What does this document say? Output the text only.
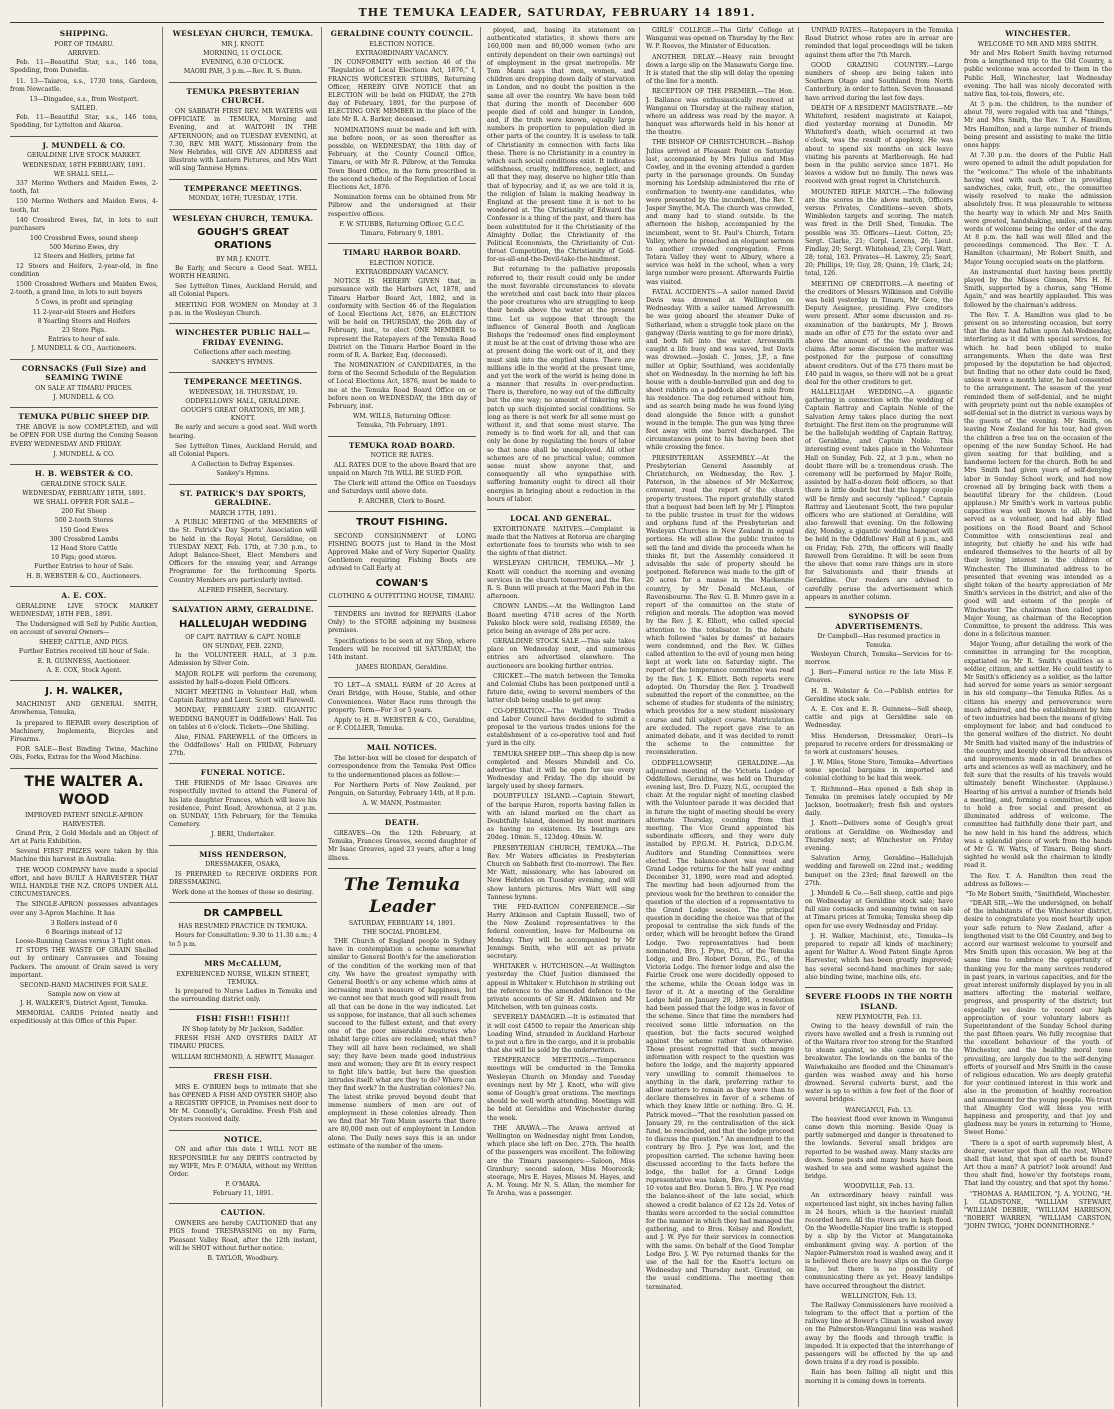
THE TEMUKA LEADER, SATURDAY, FEBRUARY 14 1891.
SHIPPING.
PORT OF TIMARU.
ARRIVED.
Feb. 11—Beautiful Star, s.s., 146 tons, Spedding, from Dunedin.
11. 13—Taiaroa, s.s., 1730 tons, Gardeen, from Newcastle.
13—Dingadee, s.s., from Westport.
SAILED.
Feb. 11—Beautiful Star, s.s., 146 tons, Spedding, for Lyttelton and Akaroa.
J. MUNDELL & CO.
GERALDINE LIVE STOCK MARKET.
WEDNESDAY, 18TH FEBRUARY, 1891.
WE SHALL SELL—
337 Merino Wethers and Maiden Ewes, 2-tooth, fat
150 Merino Wethers and Maiden Ewes, 4-tooth, fat
140 Crossbred Ewes, fat, in lots to suit purchasers
100 Crossbred Ewes, sound sheep
500 Merino Ewes, dry
12 Steers and Heifers, prime fat
12 Steers and Heifers, 2-year-old, in fine condition
1500 Crossbred Wethers and Maiden Ewes, 2-tooth, a grand line, in lots to suit buyers
5 Cows, in profit and springing
11 2-year-old Steers and Heifers
8 Yearling Steers and Heifers
23 Store Pigs.
Entries to hour of sale.
J. MUNDELL & CO., Auctioneers.
CORNSACKS (Full Size) and SEAMING TWINE
ON SALE AT TIMARU PRICES.
J. MUNDELL & CO.
TEMUKA PUBLIC SHEEP DIP.
THE ABOVE is now COMPLETED, and will be OPEN FOR USE during the Coming Season EVERY WEDNESDAY AND FRIDAY.
J. MUNDELL & CO.
H. B. WEBSTER & CO.
GERALDINE STOCK SALE.
WEDNESDAY, FEBRUARY 18TH, 1891.
WE SHALL OFFER FOR SALE—
200 Fat Sheep
500 2-tooth Stores
150 Good Ewes
300 Crossbred Lambs
12 Head Store Cattle
10 Pigs; good stores.
Further Entries to hour of Sale.
H. B. WEBSTER & CO., Auctioneers.
A. E. COX.
GERALDINE LIVE STOCK MARKET WEDNESDAY, 18TH FEB., 1891.
The Undersigned will Sell by Public Auction, on account of several Owners—
SHEEP, CATTLE, AND PIGS.
Further Entries received till hour of Sale.
E. R. GUINNESS, Auctioneer.
A. E. COX, Stock Agent.
J. H. WALKER,
MACHINIST AND GENERAL SMITH, Arowhenua, Temuka,
Is prepared to REPAIR every description of Machinery, Implements, Bicycles and Firearms.
FOR SALE—Best Binding Twine, Machine Oils, Forks, Extras for the Wood Machine.
THE WALTER A. WOOD
IMPROVED PATENT SINGLE-APRON HARVESTER.
Grand Prix, 2 Gold Medals and an Object of Art at Paris Exhibition.
Several FIRST PRIZES were taken by this Machine this harvest in Australia.
THE WOOD COMPANY have made a special effort, and have BUILT A HARVESTER THAT WILL HANDLE THE N.Z. CROPS UNDER ALL CIRCUMSTANCES.
The SINGLE-APRON possesses advantages over any 3-Apron Machine. It has
3 Rollers instead of 6
6 Bearings instead of 12
Loose-Running Canvas versus 3 Tight ones.
IT STOPS THE WASTE OF GRAIN Shelled out by ordinary Canvasses and Tossing Packers. The amount of Grain saved is very important.
SECOND-HAND MACHINES FOR SALE.
Sample now on view at
J. H. WALKER'S, District Agent, Temuka.
MEMORIAL CARDS Printed neatly and expeditiously at this Office of this Paper.
WESLEYAN CHURCH, TEMUKA.
MR J. KNOTT.
MORNING, 11 O'CLOCK.
EVENING, 6.30 O'CLOCK.
MAORI PAH, 3 p.m.—Rev. R. S. Bunn.
TEMUKA PRESBYTERIAN CHURCH.
ON SABBATH FIRST REV. MR WATERS will OFFICIATE in TEMUKA, Morning and Evening, and at WAITOHI IN THE AFTERNOON; and on TUESDAY EVENING, at 7.30, REV. MR WATT, Missionary from the New Hebrides, will GIVE AN ADDRESS and illustrate with Lantern Pictures, and Mrs Watt will sing Tannese Hymns.
TEMPERANCE MEETINGS.
MONDAY, 16TH; TUESDAY, 17TH.
WESLEYAN CHURCH, TEMUKA.
GOUGH'S GREAT ORATIONS
BY MR J. KNOTT.
Be Early, and Secure a Good Seat. WELL WORTH HEARING.
See Lyttelton Times, Auckland Herald, and all Colonial Papers.
MEETING FOR WOMEN on Monday at 3 p.m. in the Wesleyan Church.
WINCHESTER PUBLIC HALL— FRIDAY EVENING.
Collections after each meeting.
SANKEY'S HYMNS.
TEMPERANCE MEETINGS.
WEDNESDAY, 18. THURSDAY, 19.
ODDFELLOWS' HALL, GERALDINE.
GOUGH'S GREAT ORATIONS, BY MR J. KNOTT.
Be early and secure a good seat. Well worth hearing.
See Lyttelton Times, Auckland Herald, and all Colonial Papers.
A Collection to Defray Expenses.
Sankey's Hymns.
ST. PATRICK'S DAY SPORTS, GERALDINE.
MARCH 17TH, 1891.
A PUBLIC MEETING of the MEMBERS of the St. Patrick's Day Sports' Association will be held in the Royal Hotel, Geraldine, on TUESDAY NEXT, Feb. 17th, at 7.30 p.m., to Adopt Balance-Sheet, Elect Members and Officers for the ensuing year, and Arrange Programme for the forthcoming Sports. Country Members are particularly invited.
ALFRED FISHER, Secretary.
SALVATION ARMY, GERALDINE.
HALLELUJAH WEDDING
OF CAPT. RATTRAY & CAPT. NOBLE
ON SUNDAY, FEB. 22ND,
In the VOLUNTEER HALL, at 3 p.m. Admission by Silver Coin.
MAJOR ROLFE will perform the ceremony, assisted by half-a-dozen Field Officers.
NIGHT MEETING in Volunteer Hall, when Captain Rattray and Lieut. Scott will Farewell.
MONDAY, FEBRUARY 23RD. GIGANTIC WEDDING BANQUET in Oddfellows' Hall. Tea on tables at 6 o'clock. Tickets—One Shilling.
Also, FINAL FAREWELL of the Officers in the Oddfellows' Hall on FRIDAY, February 27th.
FUNERAL NOTICE.
THE FRIENDS of Mr Isaac Greaves are respectfully invited to attend the Funeral of his late daughter Frances, which will leave his residence, Point Road, Arowhenua, at 2 p.m. on SUNDAY, 15th February, for the Temuka Cemetery.
J. BERI, Undertaker.
MISS HENDERSON,
DRESSMAKER, OSAKA,
IS PREPARED to RECEIVE ORDERS FOR DRESSMAKING.
Work done at the homes of those so desiring.
DR CAMPBELL
HAS RESUMED PRACTICE IN TEMUKA.
Hours for Consultation: 9.30 to 11.30 a.m.; 4 to 5 p.m.
MRS McCALLUM,
EXPERIENCED NURSE, WILKIN STREET, TEMUKA.
Is prepared to Nurse Ladies in Temuka and the surrounding district only.
FISH! FISH!! FISH!!!
IN Shop lately by Mr Jackson, Saddler.
FRESH FISH AND OYSTERS DAILY AT TIMARU PRICES.
WILLIAM RICHMOND, A. HEWITT, Manager.
FRESH FISH.
MRS E. O'BRIEN begs to intimate that she has OPENED A FISH AND OYSTER SHOP, also a REGISTRY OFFICE, in Premises next door to Mr M. Connolly's, Geraldine. Fresh Fish and Oysters received daily.
NOTICE.
ON and after this date I WILL NOT BE RESPONSIBLE for any DEBTS contracted by my WIFE, Mrs P. O'MARA, without my Written Order.
P. O'MARA.
February 11, 1891.
CAUTION.
OWNERS are hereby CAUTIONED that any PIGS found TRESPASSING on my Farm, Pleasant Valley Road, after the 12th instant, will be SHOT without further notice.
B. TAYLOR, Woodbury.
GERALDINE COUNTY COUNCIL.
ELECTION NOTICE.
EXTRAORDINARY VACANCY.
IN CONFORMITY with section 46 of the "Regulation of Local Elections Act, 1876," I, FRANCIS WORCESTER STUBBS, Returning Officer, HEREBY GIVE NOTICE that an ELECTION will be held on FRIDAY, the 27th day of February, 1891, for the purpose of ELECTING ONE MEMBER in the place of the late Mr R. A. Barker, deceased.
NOMINATIONS must be made and left with me before noon, or as soon thereafter as possible, on WEDNESDAY, the 18th day of February, at the County Council Office, Timaru, or with Mr R. Pilbrow, at the Temuka Town Board Office, in the form prescribed in the second schedule of the Regulation of Local Elections Act, 1876.
Nomination forms can be obtained from Mr Pilbrow and the undersigned at their respective offices.
F. W. STUBBS, Returning Officer, G.C.C.
Timaru, February 9, 1891.
TIMARU HARBOR BOARD.
ELECTION NOTICE.
EXTRAORDINARY VACANCY.
NOTICE IS HEREBY GIVEN that, in pursuance with the Harbors Act, 1878, and Timaru Harbor Board Act, 1882, and in conformity with Section 46 of the Regulation of Local Elections Act, 1876, an ELECTION will be held on THURSDAY, the 26th day of February, inst., to elect ONE MEMBER to represent the Ratepayers of the Temuka Road District on the Timaru Harbor Board in the room of R. A. Barker, Esq. (deceased).
The NOMINATION of CANDIDATES, in the form of the Second Schedule of the Regulation of Local Elections Act, 1876, must be made to me at the Temuka Road Board Office on or before noon on WEDNESDAY, the 18th day of February, inst.
WM. WILLS, Returning Officer.
Temuka, 7th February, 1891.
TEMUKA ROAD BOARD.
NOTICE RE RATES.
ALL RATES DUE to the above Board that are unpaid on March 7th WILL BE SUED FOR.
The Clerk will attend the Office on Tuesdays and Saturdays until above date.
F. ARCHER, Clerk to Board.
TROUT FISHING.
SECOND CONSIGNMENT of LONG FISHING BOOTS just to Hand in the Most Approved Make and of Very Superior Quality. Gentlemen requiring Fishing Boots are advised to Call Early at
COWAN'S
CLOTHING & OUTFITTING HOUSE, TIMARU.
TENDERS are invited for REPAIRS (Labor Only) to the STORE adjoining my business premises.
Specifications to be seen at my Shop, where Tenders will be received till SATURDAY, the 14th instant.
JAMES RIORDAN, Geraldine.
TO LET—A SMALL FARM of 20 Acres at Orari Bridge, with House, Stable, and other Conveniences. Water Race runs through the property. Term—For 3 or 5 years.
Apply to H. B. WEBSTER & CO., Geraldine, or F. COLLIER, Temuka.
MAIL NOTICES.
The letter-box will be closed for despatch of correspondence from the Temuka Post Office to the undermentioned places as follow:—
For Northern Ports of New Zealand, per Penguin, on Saturday, February 14th, at 8 p.m.
A. W. MANN, Postmaster.
DEATH.
GREAVES—On the 12th February, at Temuka, Frances Greaves, second daughter of Mr Isaac Greaves, aged 23 years, after a long illness.
The Temuka Leader
SATURDAY, FEBRUARY 14, 1891.
THE SOCIAL PROBLEM.
THE Church of England people in Sydney have in contemplation a scheme somewhat similar to General Booth's for the amelioration of the condition of the working men of that city. We have the greatest sympathy with General Booth's or any scheme which aims at increasing man's measure of happiness, but we cannot see that much good will result from all that can be done in the way indicated. Let us suppose, for instance, that all such schemes succeed to the fullest extent, and that every one of the poor miserable creatures who inhabit large cities are reclaimed; what then? They will all have been reclaimed, we shall say; they have been made good industrious men and women; they are fit in every respect to fight life's battle, but here the question intrudes itself: what are they to do? Where can they find work? In the Australian colonies? No. The latest strike proved beyond doubt that immense numbers of men are out of employment in those colonies already. Then we find that Mr Tom Mann asserts that there are 80,000 men out of employment in London alone. The Daily news says this is an under estimate of the number of the unem-
ployed, and, basing its statement on authenticated statistics, it shows there are 160,000 men and 80,000 women (who are entirely dependent on their own earnings) out of employment in the great metropolis. Mr Tom Mann says that men, women, and children are dropping down daily of starvation in London, and no doubt the position is the same all over the country. We have been told that during the month of December 600 people died of cold and hunger in London, and, if the truth were known, equally large numbers in proportion to population died in other parts of the country. It is useless to talk of Christianity in connection with facts like these. There is no Christianity in a country in which such social conditions exist. It indicates selfishness, cruelty, indifference, neglect, and all that they may, deserve no higher title than that of hypocrisy, and if, as we are told it is, the religion of Islam is making headway in England at the present time it is not to be wondered at. The Christianity of Edward the Confessor is a thing of the past, and there has been substituted for it the Christianity of the Almighty Dollar, the Christianity of the Political Economists, the Christianity of Cut-throat Competition, the Christianity of Gold-for-us-all-and-the-Devil-take-the-hindmost.
But returning to the palliative proposals referred to, their result could only be under the most favorable circumstances to elevate the wretched and cast back into their places the poor creatures who are struggling to keep their heads above the water at the present time. Let us suppose that through the influence of General Booth and Anglican Bishops the 'redeemed' ones find employment it must be at the cost of driving those who are at present doing the work out of it, and they must sink into the emptied slums. There are millions idle in the world at the present time, and yet the work of the world is being done in a manner that results in over-production. There is, therefore, no way out of the difficulty but the one way; no amount of tinkering with patch up such disjointed social conditions. So long as there is not work for all some must go without it, and that some must starve. The remedy is to find work for all, and that can only be done by regulating the hours of labor so that none shall be unemployed. All other schemes are of no practical value; common sense must show anyone that, and consequently all who sympathise with suffering humanity ought to direct all their energies in bringing about a reduction in the hours of labor.
LOCAL AND GENERAL.
EXTORTIONATE NATIVES.—Complaint is made that the Natives at Rotorua are charging extortionate fees to tourists who wish to see the sights of that district.
WESLEYAN CHURCH, TEMUKA.—Mr J. Knott will conduct the morning and evening services in the church tomorrow, and the Rev. R. S. Bunn will preach at the Maori Pah in the afternoon.
CROWN LANDS.—At the Wellington Land Board meeting 4718 acres of the North Pakeko block were sold, realising £6589, the price being an average of 28s per acre.
GERALDINE STOCK SALE.—This sale takes place on Wednesday next, and numerous entries are advertised elsewhere. The auctioneers are booking further entries.
CRICKET.—The match between the Temuka and Colonial Clubs has been postponed until a future date, owing to several members of the latter club being unable to get away.
CO-OPERATION.—The Wellington Trades and Labor Council have decided to submit a proposal to the various trades unions for the establishment of a co-operative tool and fuel yard in the city.
TEMUKA SHEEP DIP.—This sheep dip is now completed and Messrs Mundell and Co. advertise that it will be open for use every Wednesday and Friday. The dip should be largely used by sheep farmers.
DOUBTFULLY ISLAND.—Captain Stewart, of the barque Huron, reports having fallen in with an island marked on the chart as Doubtfully Island, deemed by most mariners as having no existence. Its bearings are 20deg. 10min. S., 123deg. 49min. W.
PRESBYTERIAN CHURCH, TEMUKA.—The Rev. Mr Waters officiates in Presbyterian Church on Sabbath first (to-morrow). The Rev. Mr Watt, missionary, who has laboured on New Hebrides on Tuesday evening, and will show lantern pictures. Mrs Watt will sing Tannese hymns.
THE FED-RATION CONFERENCE.—Sir Harry Atkinson and Captain Russell, two of the New Zealand representatives to the federal convention, leave for Melbourne on Monday. They will be accompanied by Mr Jennings Smith, who will act as private secretary.
WHITAKER v. HUTCHISON.—At Wellington yesterday the Chief Justice dismissed the appeal in Whitaker v. Hutchison in striking out the reference to the amended defence to the private accounts of Sir H. Atkinson and Mr Mitchelson, with ten guineas costs.
SEVERELY DAMAGED.—It is estimated that it will cost £4500 to repair the American ship Loading Wind, stranded in Auckland Harbour to put out a fire in the cargo, and it is probable that she will be sold by the underwriters.
TEMPERANCE MEETINGS.—Temperance meetings will be conducted in the Temuka Wesleyan Church on Monday and Tuesday evenings next by Mr J. Knott, who will give some of Gough's great orations. The meetings should be well worth attending. Meetings will be held at Geraldine and Winchester during the week.
THE ARAWA.—The Arawa arrived at Wellington on Wednesday night from London, which place she left on Dec. 27th. The health of the passengers was excellent. The following are the Timaru passengers:—Saloon, Miss Granbury; second saloon, Miss Moorcock; steerage, Mrs E. Hayes, Misses M. Hayes, and A. M. Young. Mr N. S. Allan, the member for Te Aroha, was a passenger.
GIRLS' COLLEGE.—The Girls' College at Wanganui was opened on Thursday by the Rev. W. P. Reeves, the Minister of Education.
ANOTHER DELAY.—Heavy rain brought down a large slip on the Manawatu Gorge line. It is stated that the slip will delay the opening of the line for a month.
RECEPTION OF THE PREMIER.—The Hon. J. Ballance was enthusiastically received at Wanganui on Thursday at the railway station, where an address was read by the mayor. A banquet was afterwards held in his honor at the theatre.
THE BISHOP OF CHRISTCHURCH.—Bishop Julius arrived at Pleasant Point on Saturday last, accompanied by Mrs Julius and Miss Cowley, and in the evening attended a garden party in the parsonage grounds. On Sunday morning his Lordship administered the rite of confirmation to twenty-one candidates, who were presented by the incumbent, the Rev. T. Jasper Smythe, M.A. The church was crowded, and many had to stand outside. In the afternoon the bishop, accompanied by the incumbent, went to St. Paul's Church, Totara Valley, where he preached an eloquent sermon to another crowded congregation. From Totara Valley they went to Albury, where a service was held in the school, when a very large number were present. Afterwards Fairlie was visited.
FATAL ACCIDENTS.—A sailor named David Davis was drowned at Wellington on Wednesday. With a sailor named Arrowsmith he was going aboard the steamer Duke of Sutherland, when a struggle took place on the gangway (Davis wanting to go for more drink), and both fell into the water. Arrowsmith caught a life buoy and was saved, but Davis was drowned.—Josiah C. Jones, J.P., a fine miller at Ophir, Southland, was accidentally shot on Wednesday. In the morning he left his house with a double-barrelled gun and dog to shoot rabbits on a paddock about a mile from his residence. The dog returned without him, and as search being made he was found lying dead alongside the fence with a gunshot wound in the temple. The gun was lying three feet away with one barrel discharged. The circumstances point to his having been shot while crossing the fence.
PRESBYTERIAN ASSEMBLY.—At the Presbyterian General Assembly at Christchurch, on Wednesday, the Rev. J. Paterson, in the absence of Mr McKerrow, convener, read the report of the church property trustees. The report gratefully stated that a bequest had been left by Mr J. Plimpton to the public trustee in trust for the widows and orphans fund of the Presbyterian and Wesleyan Churches in New Zealand in equal portions. He will allow the public trustee to sell the land and divide the proceeds when he thinks fit, but the Assembly considered it advisable the sale of property should be postponed. Reference was made to the gift of 20 acres for a manse in the Mackenzie country, by Mr Donald McLean, of Ravensbourne. The Rev. G. B. Munro gave in a report of the committee on the state of religion and morals. The adoption was moved by the Rev. J. K. Elliott, who called special attention to the totalisator. In the debate which followed "sales by dames" at bazaars were condemned, and the Rev. W. Gillies called attention to the evil of young men being kept at work late on Saturday night. The report of the temperance committee was read by the Rev. J. K. Elliott. Both reports were adopted. On Thursday the Rev. J. Treadwell submitted the report of the committee, on the scheme of studies for students of the ministry, which provides for a new student missionary course and full subject course. Matriculation are excluded. The report gave rise to an animated debate, and it was decided to remit the scheme to the committee for reconsideration.
ODDFELLOWSHIP, GERALDINE.—An adjourned meeting of the Victoria Lodge of Oddfellows, Geraldine, was held on Thursday evening last, Bro. D. Fuzzy, N.G., occupied the chair. At the regular night of meeting clashed with the Volunteer parade it was decided that in future the night of meeting should be every alternate Thursday, counting from that meeting. The Vice Grand appointed his subordinate officers, and they were duly installed by P.P.G.M. H. Patrick, D.D.G.M. Auditors and Standing Committees were elected. The balance-sheet was read and Grand Lodge returns for the half year ending December 31, 1890, were read and adopted. The meeting had been adjourned from the previous week for the brethren to consider the question of the election of a representative to the Grand Lodge session. The principal question in deciding the choice was that of the proposal to centralise the sick funds of the order, which will be brought before the Grand Lodge. Two representatives had been nominated, Bro. J. Pyne, P.G., of the Temuka Lodge, and Bro. Robert Doran, P.G., of the Victoria Lodge. The former lodge and also the Fairlie Creek one were decidedly opposed to the scheme, while the Ocean lodge was in favor of it. At a meeting of the Geraldine Lodge held on January 29, 1891, a resolution had been passed that the lodge was in favor of the scheme. Since that time the members had received some little information on the question, but the facts secured weighed against the scheme rather than otherwise. Those present regretted that such meagre information with respect to the question was before the lodge, and the majority appeared very unwilling to commit themselves to anything in the dark, preferring rather to allow matters to remain as they were than to declare themselves in favor of a scheme of which they knew little or nothing. Bro. G. H. Patrick moved—"That the resolution passed on January 29, re the centralisation of the sick fund, be rescinded, and that the lodge proceed to discuss the question." An amendment to the contrary by Bro. J. Pye was lost, and the proposition carried. The scheme having been discussed according to the facts before the lodge, the ballot for a Grand Lodge representative was taken, Bro. Pyne receiving 10 votes and Bro. Doran 5. Bro. J. W. Pye read the balance-sheet of the late social, which showed a credit balance of £2 12s 2d. Votes of thanks were accorded to the social committee for the manner in which they had managed the gathering, and to Bros. Kelsey and Rowlett, and J. W. Pye for their services in connection with the same. On behalf of the Good Templar Lodge Bro. J. W. Pye returned thanks for the use of the hall for the Knott's lecture on Wednesday and Thursday next. Granted, on the usual conditions. The meeting then terminated.
UNPAID RATES.—Ratepayers in the Temuka Road District whose rates are in arrear are reminded that legal proceedings will be taken against them after the 7th March.
GOOD GRAZING COUNTRY.—Large numbers of sheep are being taken into Southern Otago and Southland from North Canterbury, in order to fatten. Seven thousand have arrived during the last few days.
DEATH OF A RESIDENT MAGISTRATE.—Mr Whiteford, resident magistrate at Kaiapoi, died yesterday morning at Dunedin. Mr Whiteford's death, which occurred at two o'clock, was the result of apoplexy. He was about to spend six months on sick leave visiting his parents at Marlborough. He had been in the public service since 1871. He leaves a widow but no family. The news was received with great regret in Christchurch.
MOUNTED RIFLE MATCH.—The following are the scores in the above match, Officers versus Privates, Conditions—seven shots, Wimbledon targets and scoring. The match was fired in the Drill Shed, Temuka. The possible was 35. Officers—Lieut. Cotton, 25; Sergt. Clarke, 21; Corpl. Levens, 26; Lieut. Findlay, 20; Sergt. Whitehead, 23; Corpl. Watt, 28; total, 163. Privates—H. Lawrey, 25; Searl, 20; Phillips, 19; Guy, 28; Quinn, 19; Clark, 24; total, 126.
MEETING OF CREDITORS.—A meeting of the creditors of Messrs Wilkinson and Colville was held yesterday in Timaru, Mr Gore, the Deputy Assignee, presiding. Five creditors were present. After some discussion and re-examination of the bankrupts, Mr J. Brown made an offer of £75 for the estate over and above the amount of the two preferential claims. After some discussion the matter was postponed for the purpose of consulting absent creditors. Out of the £75 there must be £40 paid in wages, so there will not be a great deal for the other creditors to get.
HALLELUJAH WEDDING.—A gigantic gathering in connection with the wedding of Captain Rattray and Captain Noble of the Salvation Army takes place during the next fortnight. The first item on the programme will be the hallelujah wedding of Captain Rattray, of Geraldine, and Captain Noble. This interesting event takes place in the Volunteer Hall on Sunday, Feb. 22, at 3 p.m., when no doubt there will be a tremendous crush. The ceremony will be performed by Major Rolfe, assisted by half-a-dozen field officers, so that there is little doubt but that the happy couple will be firmly and securely "spliced." Captain Rattray and Lieutenant Scott, the two popular officers who are stationed at Geraldine, will also farewell that evening. On the following day, Monday, a gigantic wedding banquet will be held in the Oddfellows' Hall at 6 p.m., and on Friday, Feb. 27th, the officers will finally farewell from Geraldine. It will be seen from the above that some rare things are in store for Salvationists and their friends at Geraldine. Our readers are advised to carefully peruse the advertisement which appears in another column.
SYNOPSIS OF ADVERTISEMENTS.
Dr Campbell—Has resumed practice in Temuka.
Wesleyan Church, Temuka—Services for to-morrow.
J. Beri—Funeral notice re the late Miss F. Greaves.
H. B. Webster & Co.—Publish entries for Geraldine stock sale.
A. E. Cox and E. R. Guinness—Sell sheep, cattle and pigs at Geraldine sale on Wednesday.
Miss Henderson, Dressmaker, Orari—Is prepared to receive orders for dressmaking or to work at customers' houses.
J. W. Miles, Stone Store, Temuka—Advertises some special bargains in imported and colonial clothing to be had this week.
T. Richmond—Has opened a fish shop in Temuka (in premises lately occupied by Mr Jackson, bootmaker); fresh fish and oysters daily.
J. Knott—Delivers some of Gough's great orations at Geraldine on Wednesday and Thursday next; at Winchester on Friday evening.
Salvation Army, Geraldine—Hallelujah wedding and farewell on 22nd inst.; wedding banquet on the 23rd; final farewell on the 27th.
J. Mundell & Co.—Sell sheep, cattle and pigs on Wednesday at Geraldine stock sale; have full size cornsacks and seaming twine on sale at Timaru prices at Temuka; Temuka sheep dip open for use every Wednesday and Friday.
J. H. Walker, Machinist, etc., Temuka—Is prepared to repair all kinds of machinery; agent for Walter A. Wood Patent Single Apron Harvester, which has been greatly improved; has several second-hand machines for sale; also binding twine, machine oils, etc.
SEVERE FLOODS IN THE NORTH ISLAND.
NEW PLYMOUTH, Feb. 13.
Owing to the heavy downfall of rain the rivers have swelled and a fresh is running out of the Waitara river too strong for the Stanford to steam against, so she came on to the breakwater. The lowlands on the banks of the Waiwhakaiho are flooded and the Chinaman's garden was washed away and his horse drowned. Several culverts burst, and the water is up to within a few feet of the floor of several bridges.
WANGANUI, Feb. 13.
The heaviest flood ever known in Wanganui came down this morning. Beside Quay is partly submerged and danger is threatened to the lowlands. Several small bridges are reported to be washed away. Many stacks are down. Some posts and many boats have been washed to sea and some washed against the bridge.
WOODVILLE, Feb. 13.
An extraordinary heavy rainfall was experienced last night, six inches having fallen in 24 hours, which is the heaviest rainfall recorded here. All the rivers are in high flood. On the Woodville-Napier line traffic is stopped by a slip by the Victor at Mangatainoka embankment giving way. A portion of the Napier-Palmerston road is washed away, and it is believed there are heavy slips on the Gorge line, but there is no possibility of communicating there as yet. Heavy landslips have occurred throughout the district.
WELLINGTON, Feb. 13.
The Railway Commissioners have received a telegram to the effect that a portion of the railway line at Bower's Clinan is washed away on the Palmerston-Wanganui line was washed away by the floods and through traffic is impeded. It is expected that the interchange of passengers will be effected by the up and down trains if a dry road is possible.
Rain has been falling all night and this morning it is coming down in torrents.
WINCHESTER.
WELCOME TO MR AND MRS SMITH.
Mr and Mrs Robert Smith having returned from a lengthened trip to the Old Country, a public welcome was accorded to them in the Public Hall, Winchester, last Wednesday evening. The hall was nicely decorated with native flax, toi-tois, flowers, etc.
At 5 p.m. the children, to the number of about 70, were regaled with tea and "things," Mr and Mrs Smith, the Rev. T. A. Hamilton, Mrs Hamilton, and a large number of friends being present and assisting to make the little ones happy.
At 7.30 p.m. the doors of the Public Hall were opened to admit the adult population for the "welcome." The whole of the inhabitants having vied with each other in providing sandwiches, cake, fruit, etc., the committee wisely resolved to make the admission absolutely free. It was pleasurable to witness the hearty way in which Mr and Mrs Smith were greeted, handshaking, smiles, and warm words of welcome being the order of the day. At 8 p.m. the hall was well filled and the proceedings commenced. The Rev. T. A. Hamilton (chairman), Mr Robert Smith, and Major Young occupied seats on the platform.
An instrumental duet having been prettily played by the Misses Gimson, Mrs H. H. Smith, supported by a chorus, sang "Home Again," and was heartily applauded. This was followed by the chairman's address.
The Rev. T. A. Hamilton was glad to be present on so interesting occasion, but sorry that the date had fallen upon Ash-Wednesday, interfering as it did with special services, for which he had been obliged to make arrangements. When the date was first proposed by the deputation he had objected, but finding that no other date could be fixed, unless it were a month later, he had consented to the arrangement. The season of the year reminded them of self-denial, and he might with propriety point out the noble examples of self-denial set in the district in various ways by the guests of the evening. Mr Smith, on leaving New Zealand for his tour, had given the children a free tea on the occasion of the opening of the new Sunday School. He had given seating for that building, and a handsome lectern for the church. Both he and Mrs Smith had given years of self-denying labor in Sunday School work, and had now crowned all by bringing back with them a beautiful library for the children. (Loud applause.) Mr Smith's work in various public capacities was well known to all. He had served as a volunteer, and had ably filled positions on the Road Board and School Committee with conscientious zeal and integrity, but chiefly he and his wife had endeared themselves to the hearts of all by their loving interest in the children of Winchester. The illuminated address to be presented that evening was intended as a slight token of the hearty appreciation of Mr Smith's services in the district, and also of the good will and esteem of the people of Winchester. The chairman then called upon Major Young, as chairman of the Reception Committee, to present the address. This was done in a felicitous manner.
Major Young, after detailing the work of the committee in arranging for the reception, expatiated on Mr R. Smith's qualities as a soldier, citizen, and settler. He could testify to Mr Smith's efficiency as a soldier, as the latter had served for some years as senior sergeant in his old company—the Temuka Rifles. As a citizen his energy and perseverance were much admired, and the establishment by him of two industries had been the means of giving employment for labor, and had conduced to the general welfare of the district. No doubt Mr Smith had visited many of the industries of the country, and keenly observed the advances and improvements made in all branches of arts and sciences as well as machinery, and he felt sure that the results of his travels would ultimately benefit Winchester. (Applause.) Hearing of his arrival a number of friends held a meeting, and, forming a committee, decided to hold a free social and present an illuminated address of welcome. The committee had faithfully done their part, and he now held in his hand the address, which was a splendid piece of work from the hands of Mr G. W. Watts, of Timaru. Being short-sighted he would ask the chairman to kindly read it.
The Rev. T. A. Hamilton then read the address as follows:—
"To Mr Robert Smith, "Smithfield, Winchester.
"DEAR SIR,—We the undersigned, on behalf of the inhabitants of the Winchester district, desire to congratulate you most heartily upon your safe return to New Zealand, after a lengthened visit to the Old Country, and beg to accord our warmest welcome to yourself and Mrs Smith upon this occasion. We beg at the same time to embrace the opportunity of thanking you for the many services rendered in past years, in various capacities, and for the great interest uniformly displayed by you in all matters affecting the material welfare, progress, and prosperity of the district; but especially we desire to record our high appreciation of your voluntary labors as Superintendent of the Sunday School during the past fifteen years. We fully recognise that the excellent behaviour of the youth of Winchester, and the healthy moral tone prevailing, are largely due to the self-denying efforts of yourself and Mrs Smith in the cause of religious education. We are deeply grateful for your continued interest in this work and also in the promotion of healthy recreation and amusement for the young people. We trust that Almighty God will bless you with happiness and prosperity, and that joy and gladness may be yours in returning to 'Home, Sweet Home.'
'There is a spot of earth supremely blest, A dearer, sweeter spot than all the rest, Where shall that land, that spot of earth be found? Art thou a man? A patriot? look around! And thou shalt find, howe'er thy footsteps roam, That land thy country, and that spot thy home.'
"THOMAS A. HAMILTON, "J. A. YOUNG, "H. J. GLADSTONE, "WILLIAM STEWART, "WILLIAM DEBBIE, "WILLIAM HARRISON, "ROBERT WARREN, "WILLIAM CARSTON, "JOHN TWIGG, "JOHN DONNITHORNE."
